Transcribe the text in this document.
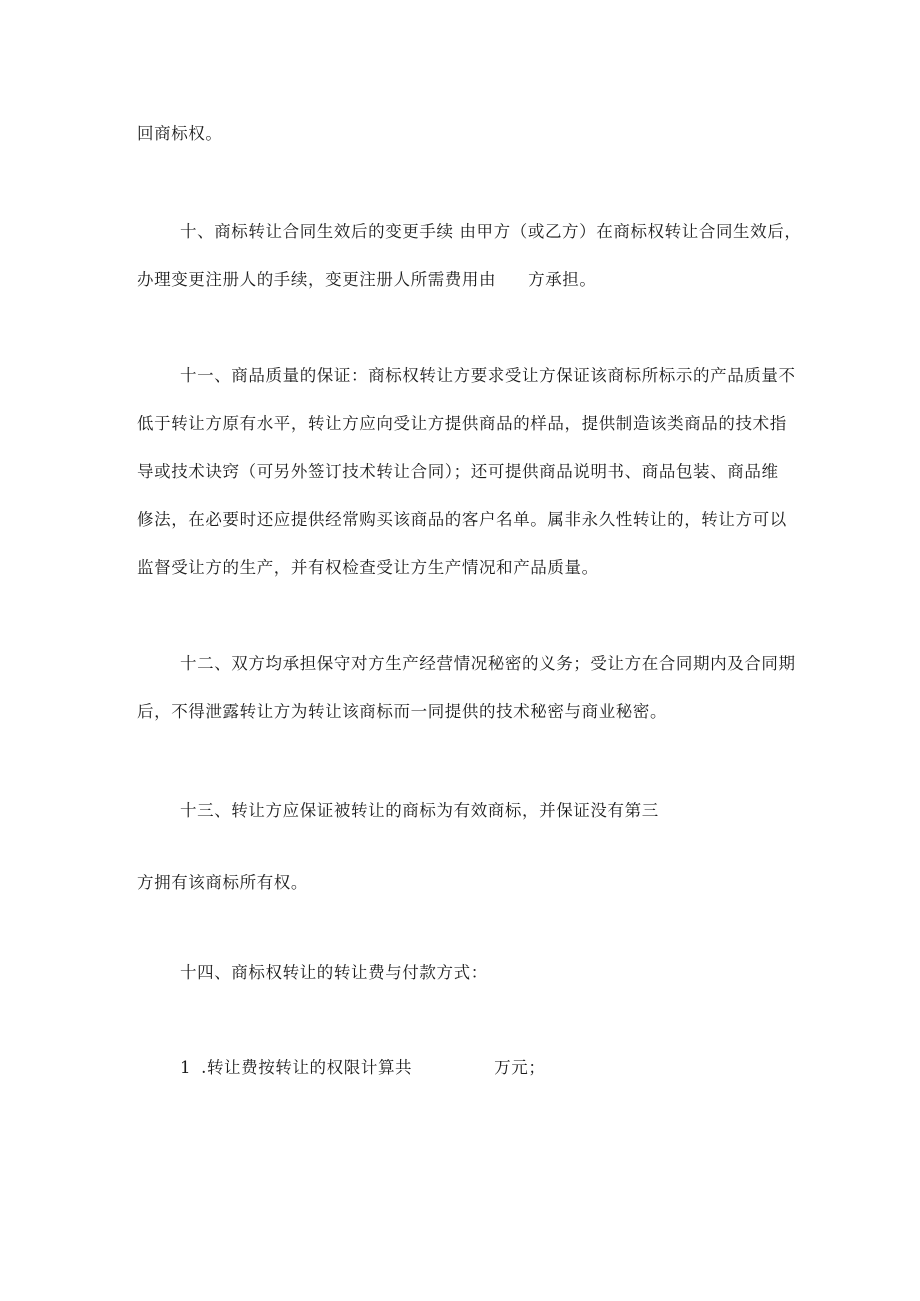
回商标权。
十、商标转让合同生效后的变更手续 由甲方（或乙方）在商标权转让合同生效后，
办理变更注册人的手续，变更注册人所需费用由 方承担。
十一、商品质量的保证：商标权转让方要求受让方保证该商标所标示的产品质量不
低于转让方原有水平，转让方应向受让方提供商品的样品，提供制造该类商品的技术指
导或技术诀窍（可另外签订技术转让合同）；还可提供商品说明书、商品包装、商品维
修法，在必要时还应提供经常购买该商品的客户名单。属非永久性转让的，转让方可以
监督受让方的生产，并有权检查受让方生产情况和产品质量。
十二、双方均承担保守对方生产经营情况秘密的义务；受让方在合同期内及合同期
后，不得泄露转让方为转让该商标而一同提供的技术秘密与商业秘密。
十三、转让方应保证被转让的商标为有效商标，并保证没有第三
方拥有该商标所有权。
十四、商标权转让的转让费与付款方式：
1 .转让费按转让的权限计算共	万元；
